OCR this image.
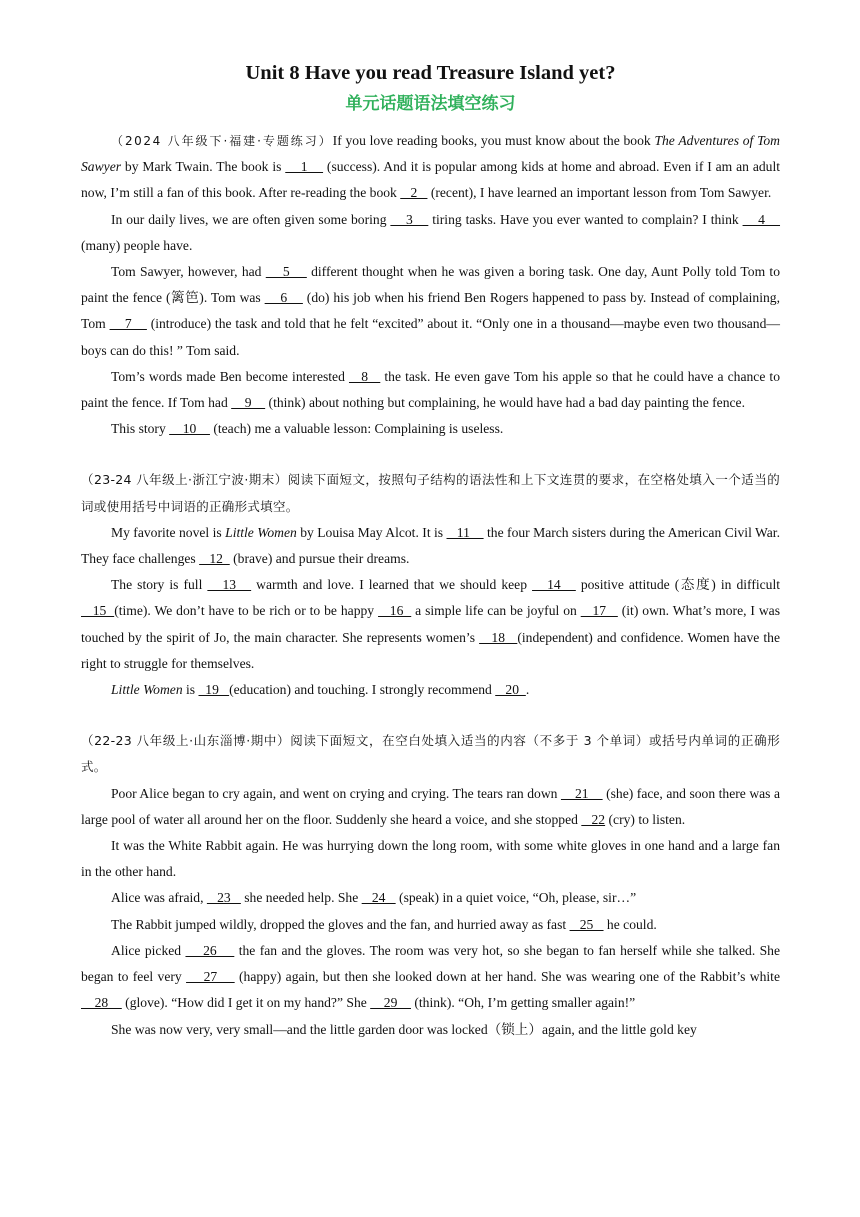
Unit 8 Have you read Treasure Island yet?
单元话题语法填空练习

（2024 八年级下·福建·专题练习）If you love reading books, you must know about the book The Adventures of Tom Sawyer by Mark Twain. The book is     1     (success). And it is popular among kids at home and abroad. Even if I am an adult now, I’m still a fan of this book. After re-reading the book    2    (recent), I have learned an important lesson from Tom Sawyer.

In our daily lives, we are often given some boring     3     tiring tasks. Have you ever wanted to complain? I think     4     (many) people have.

Tom Sawyer, however, had     5     different thought when he was given a boring task. One day, Aunt Polly told Tom to paint the fence (篱笆). Tom was     6     (do) his job when his friend Ben Rogers happened to pass by. Instead of complaining, Tom     7     (introduce) the task and told that he felt “excited” about it. “Only one in a thousand—maybe even two thousand—boys can do this! ” Tom said.

Tom’s words made Ben become interested    8    the task. He even gave Tom his apple so that he could have a chance to paint the fence. If Tom had     9     (think) about nothing but complaining, he would have had a bad day painting the fence.

This story     10     (teach) me a valuable lesson: Complaining is useless.

（23-24 八年级上·浙江宁波·期末）阅读下面短文，按照句子结构的语法性和上下文连贯的要求，在空格处填入一个适当的词或使用括号中词语的正确形式填空。

My favorite novel is Little Women by Louisa May Alcot. It is    11     the four March sisters during the American Civil War. They face challenges    12   (brave) and pursue their dreams.

The story is full    13    warmth and love. I learned that we should keep    14    positive attitude (态度) in difficult    15  (time). We don’t have to be rich or to be happy    16   a simple life can be joyful on    17    (it) own. What’s more, I was touched by the spirit of Jo, the main character. She represents women’s    18   (independent) and confidence. Women have the right to struggle for themselves.

Little Women is   19   (education) and touching. I strongly recommend    20  .

（22-23 八年级上·山东淄博·期中）阅读下面短文，在空白处填入适当的内容（不多于 3 个单词）或括号内单词的正确形式。

Poor Alice began to cry again, and went on crying and crying. The tears ran down     21     (she) face, and soon there was a large pool of water all around her on the floor. Suddenly she heard a voice, and she stopped    22 (cry) to listen.

It was the White Rabbit again. He was hurrying down the long room, with some white gloves in one hand and a large fan in the other hand.

Alice was afraid,    23    she needed help. She    24    (speak) in a quiet voice, “Oh, please, sir…”

The Rabbit jumped wildly, dropped the gloves and the fan, and hurried away as fast    25    he could.

Alice picked     26     the fan and the gloves. The room was very hot, so she began to fan herself while she talked. She began to feel very     27     (happy) again, but then she looked down at her hand. She was wearing one of the Rabbit’s white     28     (glove). “How did I get it on my hand?” She     29     (think). “Oh, I’m getting smaller again!”

She was now very, very small—and the little garden door was locked（锁上）again, and the little gold key
